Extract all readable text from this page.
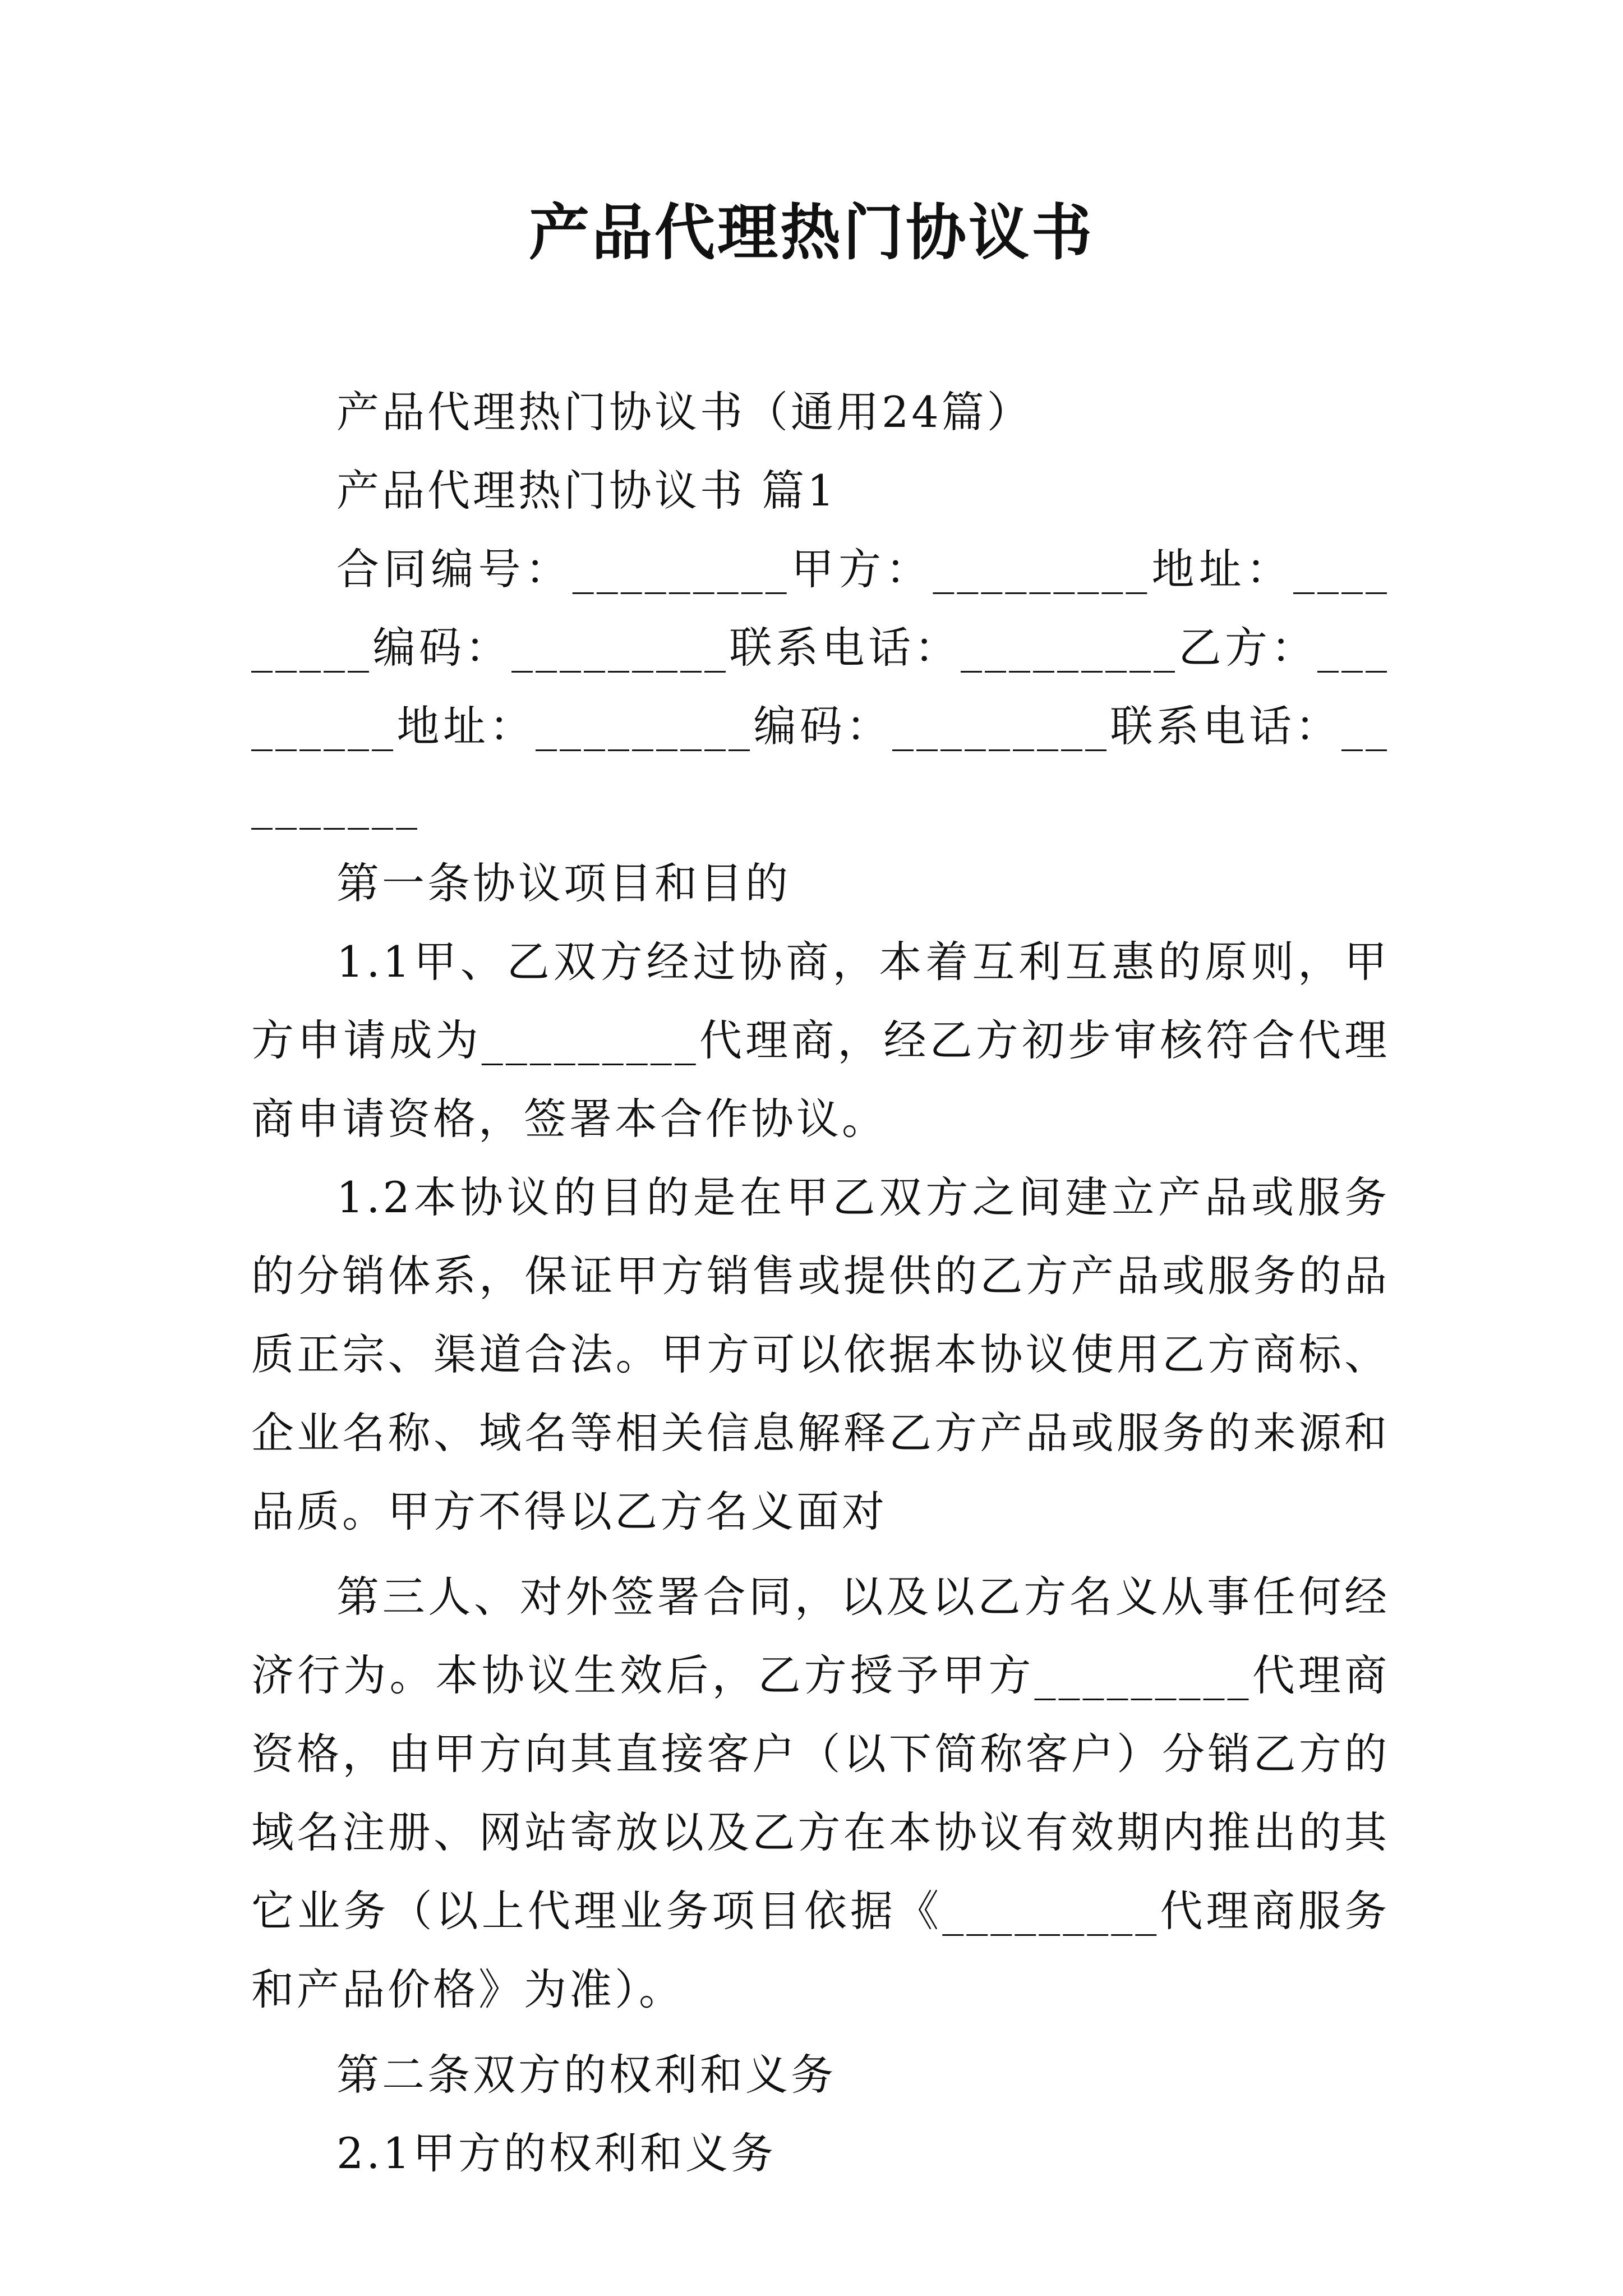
产品代理热门协议书

产品代理热门协议书（通用24篇）

产品代理热门协议书 篇1

合同编号：_________甲方：_________地址：_________编码：_________联系电话：_________乙方：_________地址：_________编码：_________联系电话：_________

第一条协议项目和目的

1.1甲、乙双方经过协商，本着互利互惠的原则，甲方申请成为_________代理商，经乙方初步审核符合代理商申请资格，签署本合作协议。

1.2本协议的目的是在甲乙双方之间建立产品或服务的分销体系，保证甲方销售或提供的乙方产品或服务的品质正宗、渠道合法。甲方可以依据本协议使用乙方商标、企业名称、域名等相关信息解释乙方产品或服务的来源和品质。甲方不得以乙方名义面对

第三人、对外签署合同，以及以乙方名义从事任何经济行为。本协议生效后，乙方授予甲方_________代理商资格，由甲方向其直接客户（以下简称客户）分销乙方的域名注册、网站寄放以及乙方在本协议有效期内推出的其它业务（以上代理业务项目依据《_________代理商服务和产品价格》为准）。

第二条双方的权利和义务

2.1甲方的权利和义务
